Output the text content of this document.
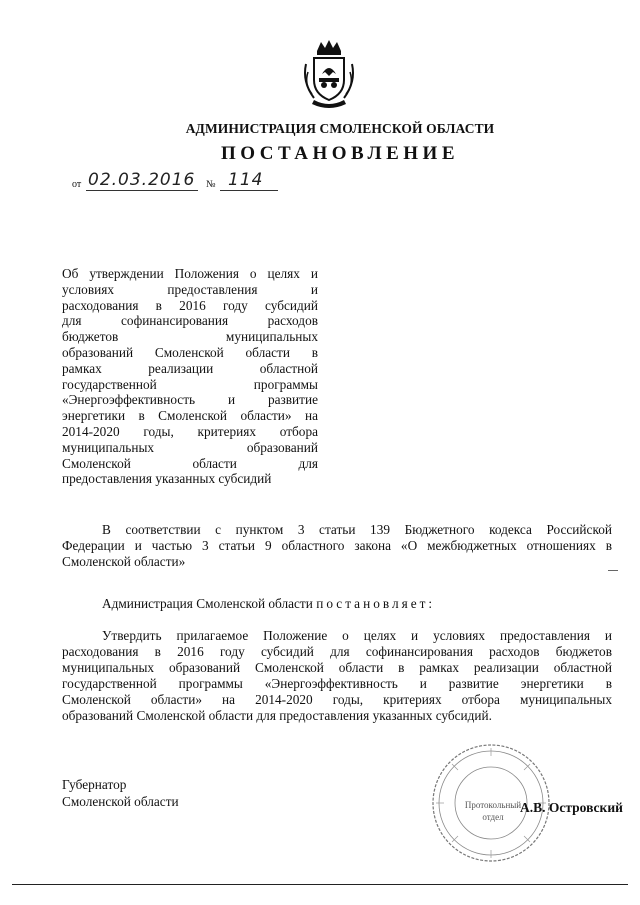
АДМИНИСТРАЦИЯ СМОЛЕНСКОЙ ОБЛАСТИ
ПОСТАНОВЛЕНИЕ
от 02.03.2016 № 114
Об утверждении Положения о целях и
условиях предоставления и
расходования в 2016 году субсидий
для софинансирования расходов
бюджетов муниципальных
образований Смоленской области в
рамках реализации областной
государственной программы
«Энергоэффективность и развитие
энергетики в Смоленской области» на
2014-2020 годы, критериях отбора
муниципальных образований
Смоленской области для
предоставления указанных субсидий
В соответствии с пунктом 3 статьи 139 Бюджетного кодекса Российской
Федерации и частью 3 статьи 9 областного закона «О межбюджетных отношениях в
Смоленской области»
Администрация Смоленской области постановляет:
Утвердить прилагаемое Положение о целях и условиях предоставления и
расходования в 2016 году субсидий для софинансирования расходов бюджетов
муниципальных образований Смоленской области в рамках реализации областной
государственной программы «Энергоэффективность и развитие энергетики в
Смоленской области» на 2014-2020 годы, критериях отбора муниципальных
образований Смоленской области для предоставления указанных субсидий.
Губернатор
Смоленской области	Протокольный
отдел
А.В. Островский
